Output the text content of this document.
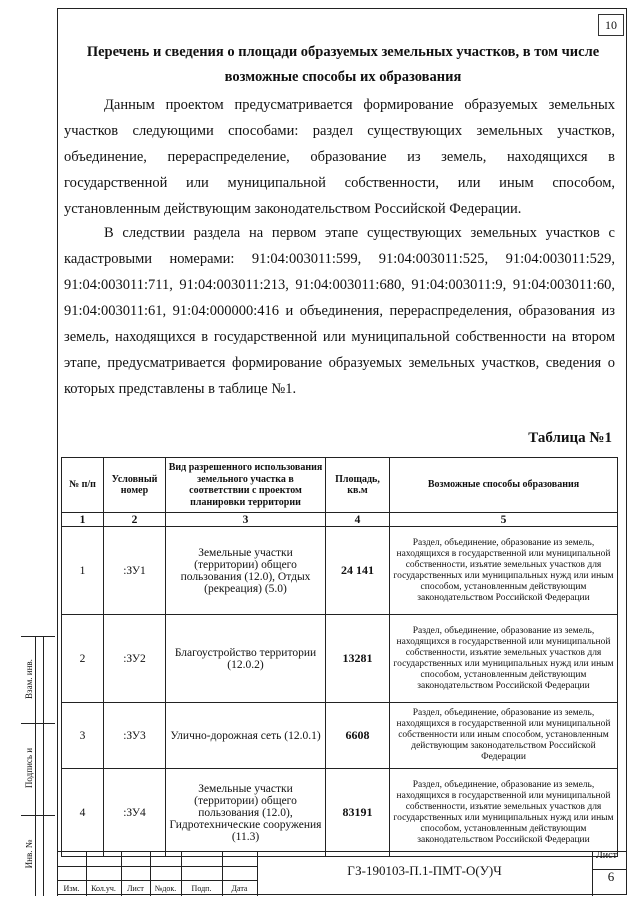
10
Перечень и сведения о площади образуемых земельных участков, в том числе возможные способы их образования
Данным проектом предусматривается формирование образуемых земельных участков следующими способами: раздел существующих земельных участков, объединение, перераспределение, образование из земель, находящихся в государственной или муниципальной собственности, или иным способом, установленным действующим законодательством Российской Федерации.
В следствии раздела на первом этапе существующих земельных участков с кадастровыми номерами: 91:04:003011:599, 91:04:003011:525, 91:04:003011:529, 91:04:003011:711, 91:04:003011:213, 91:04:003011:680, 91:04:003011:9, 91:04:003011:60, 91:04:003011:61, 91:04:000000:416 и объединения, перераспределения, образования из земель, находящихся в государственной или муниципальной собственности на втором этапе, предусматривается формирование образуемых земельных участков, сведения о которых представлены в таблице №1.
Таблица №1
№ п/п	Условный номер	Вид разрешенного использования земельного участка в соответствии с проектом планировки территории	Площадь, кв.м	Возможные способы образования
1	2	3	4	5
1	:ЗУ1	Земельные участки (территории) общего пользования (12.0), Отдых (рекреация) (5.0)	24 141	Раздел, объединение, образование из земель, находящихся в государственной или муниципальной собственности, изъятие земельных участков для государственных или муниципальных нужд или иным способом, установленным действующим законодательством Российской Федерации
2	:ЗУ2	Благоустройство территории (12.0.2)	13281	Раздел, объединение, образование из земель, находящихся в государственной или муниципальной собственности, изъятие земельных участков для государственных или муниципальных нужд или иным способом, установленным действующим законодательством Российской Федерации
3	:ЗУ3	Улично-дорожная сеть (12.0.1)	6608	Раздел, объединение, образование из земель, находящихся в государственной или муниципальной собственности или иным способом, установленным действующим законодательством Российской Федерации
4	:ЗУ4	Земельные участки (территории) общего пользования (12.0), Гидротехнические сооружения (11.3)	83191	Раздел, объединение, образование из земель, находящихся в государственной или муниципальной собственности, изъятие земельных участков для государственных или муниципальных нужд или иным способом, установленным действующим законодательством Российской Федерации
Взам. инв.
Подпись и
Инв. №
Изм.	Кол.уч.	Лист	№док.	Подп.	Дата
ГЗ-190103-П.1-ПМТ-О(У)Ч
Лист
6
